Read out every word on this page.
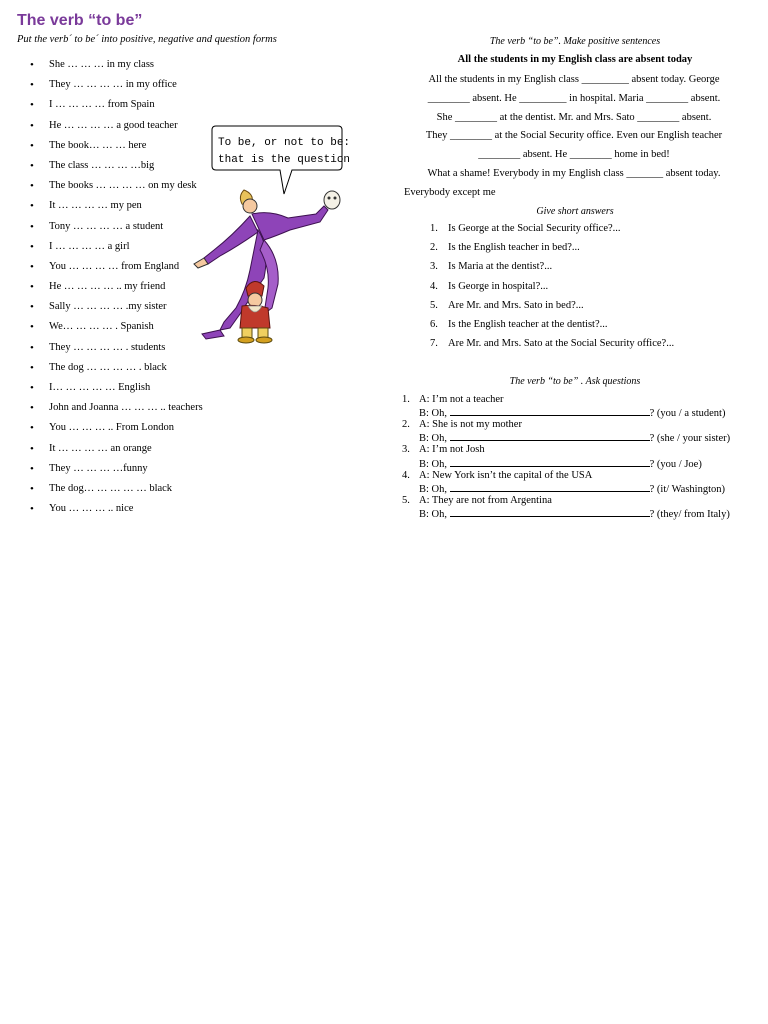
The verb “to be”
Put the verb´ to be´ into positive, negative and question forms
• She … … … in my class
• They … … … … in my office
• I … … … … from Spain
• He … … … … a good teacher
• The book… … … here
• The class … … … …big
• The books … … … … on my desk
• It … … … … my pen
• Tony … … … … a student
• I … … … … a girl
• You … … … … from England
• He … … … … .. my friend
• Sally … … … … .my sister
• We… … … … . Spanish
• They … … … … . students
• The dog … … … … . black
• I… … … … … English
• John and Joanna … … … .. teachers
• You … … … .. From London
• It … … … … an orange
• They … … … …funny
• The dog… … … … … black
• You … … … .. nice
To be, or not to be:
that is the question
The verb “to be”. Make positive sentences
All the students in my English class are absent today
All the students in my English class _________ absent today. George
________ absent. He _________ in hospital. Maria ________ absent.
She ________ at the dentist. Mr. and Mrs. Sato ________ absent.
They ________ at the Social Security office. Even our English teacher
________ absent. He ________ home in bed!
What a shame! Everybody in my English class _______ absent today.
Everybody except me
Give short answers
1. Is George at the Social Security office?...
2. Is the English teacher in bed?...
3. Is Maria at the dentist?...
4. Is George in hospital?...
5. Are Mr. and Mrs. Sato in bed?...
6. Is the English teacher at the dentist?...
7. Are Mr. and Mrs. Sato at the Social Security office?...
The verb “to be” . Ask questions
1. A: I’m not a teacher
B: Oh,	? (you / a student)
2. A: She is not my mother
B: Oh,	? (she / your sister)
3. A: I’m not Josh
B: Oh,	? (you / Joe)
4. A: New York isn’t the capital of the USA
B: Oh,	? (it/ Washington)
5. A: They are not from Argentina
B: Oh,	? (they/ from Italy)
